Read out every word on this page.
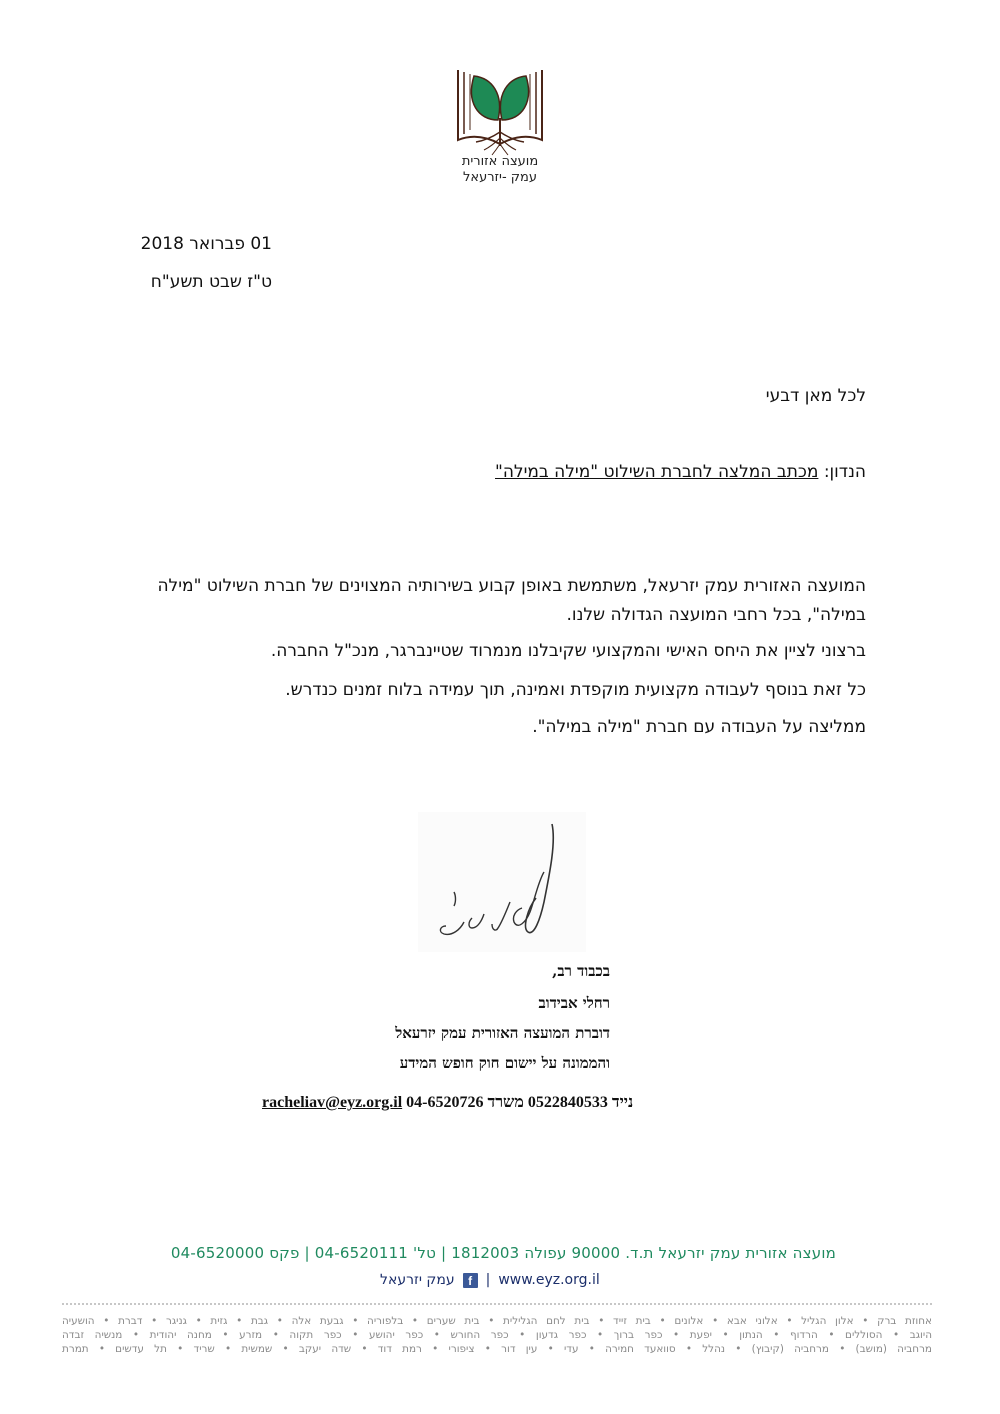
מועצה אזורית
עמק -יזרעאל
01 פברואר 2018
ט"ז שבט תשע"ח
לכל מאן דבעי
הנדון: מכתב המלצה לחברת השילוט "מילה במילה"
המועצה האזורית עמק יזרעאל, משתמשת באופן קבוע בשירותיה המצוינים של חברת השילוט "מילה במילה", בכל רחבי המועצה הגדולה שלנו.
ברצוני לציין את היחס האישי והמקצועי שקיבלנו מנמרוד שטיינברגר, מנכ"ל החברה.
כל זאת בנוסף לעבודה מקצועית מוקפדת ואמינה, תוך עמידה בלוח זמנים כנדרש.
ממליצה על העבודה עם חברת "מילה במילה".
בכבוד רב,
רחלי אבידוב
דוברת המועצה האזורית עמק יזרעאל
והממונה על יישום חוק חופש המידע
racheliav@eyz.org.il נייד 0522840533 משרד 04-6520726
מועצה אזורית עמק יזרעאל ת.ד. 90000 עפולה 1812003 | טל' 04-6520111 | פקס 04-6520000
עמק יזרעאל	f | www.eyz.org.il
אחוזת ברק • אלון הגליל • אלוני אבא • אלונים • בית זייד • בית לחם הגלילית • בית שערים • בלפוריה • גבעת אלה • גבת • גזית • גניגר • דברת • הושעיה
היוגב • הסוללים • הרדוף • הנתון • יפעת • כפר ברוך • כפר גדעון • כפר החורש • כפר יהושע • כפר תקוה • מזרע • מחנה יהודית • מנשיה זבדה
מרחביה (מושב) • מרחביה (קיבוץ) • נהלל • סוואעד חמירה • עדי • עין דור • ציפורי • רמת דוד • שדה יעקב • שמשית • שריד • תל עדשים • תמרת
